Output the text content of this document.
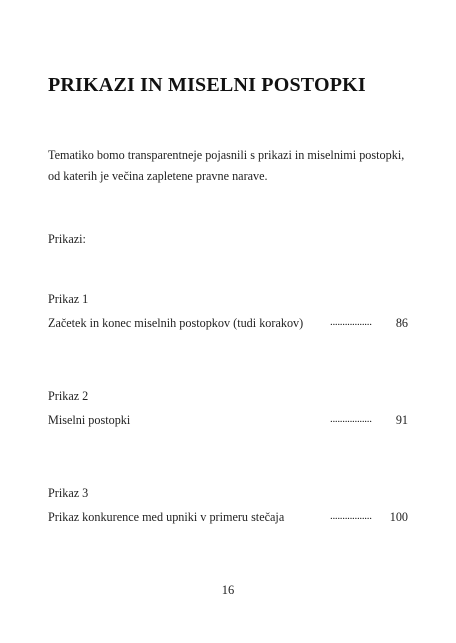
PRIKAZI IN MISELNI POSTOPKI
Tematiko bomo transparentneje pojasnili s prikazi in miselnimi postopki, od katerih je večina zapletene pravne narave.
Prikazi:
Prikaz 1
Začetek in konec miselnih postopkov (tudi korakov) ................. 86
Prikaz 2
Miselni postopki	................. 91
Prikaz 3
Prikaz konkurence med upniki v primeru stečaja	................. 100
16
